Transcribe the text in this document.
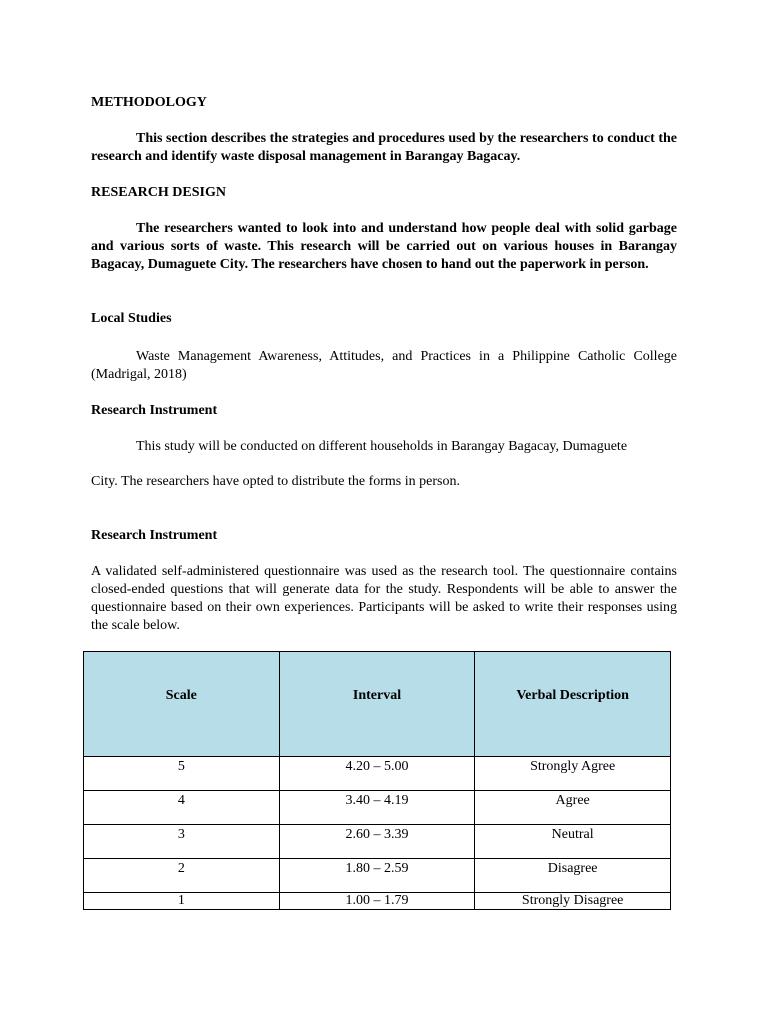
METHODOLOGY

This section describes the strategies and procedures used by the researchers to conduct the research and identify waste disposal management in Barangay Bagacay.

RESEARCH DESIGN

The researchers wanted to look into and understand how people deal with solid garbage and various sorts of waste. This research will be carried out on various houses in Barangay Bagacay, Dumaguete City. The researchers have chosen to hand out the paperwork in person.

Local Studies

Waste Management Awareness, Attitudes, and Practices in a Philippine Catholic College (Madrigal, 2018)

Research Instrument

This study will be conducted on different households in Barangay Bagacay, Dumaguete

City. The researchers have opted to distribute the forms in person.

Research Instrument

A validated self-administered questionnaire was used as the research tool. The questionnaire contains closed-ended questions that will generate data for the study. Respondents will be able to answer the questionnaire based on their own experiences. Participants will be asked to write their responses using the scale below.

Scale	Interval	Verbal Description
5	4.20 – 5.00	Strongly Agree
4	3.40 – 4.19	Agree
3	2.60 – 3.39	Neutral
2	1.80 – 2.59	Disagree
1	1.00 – 1.79	Strongly Disagree
